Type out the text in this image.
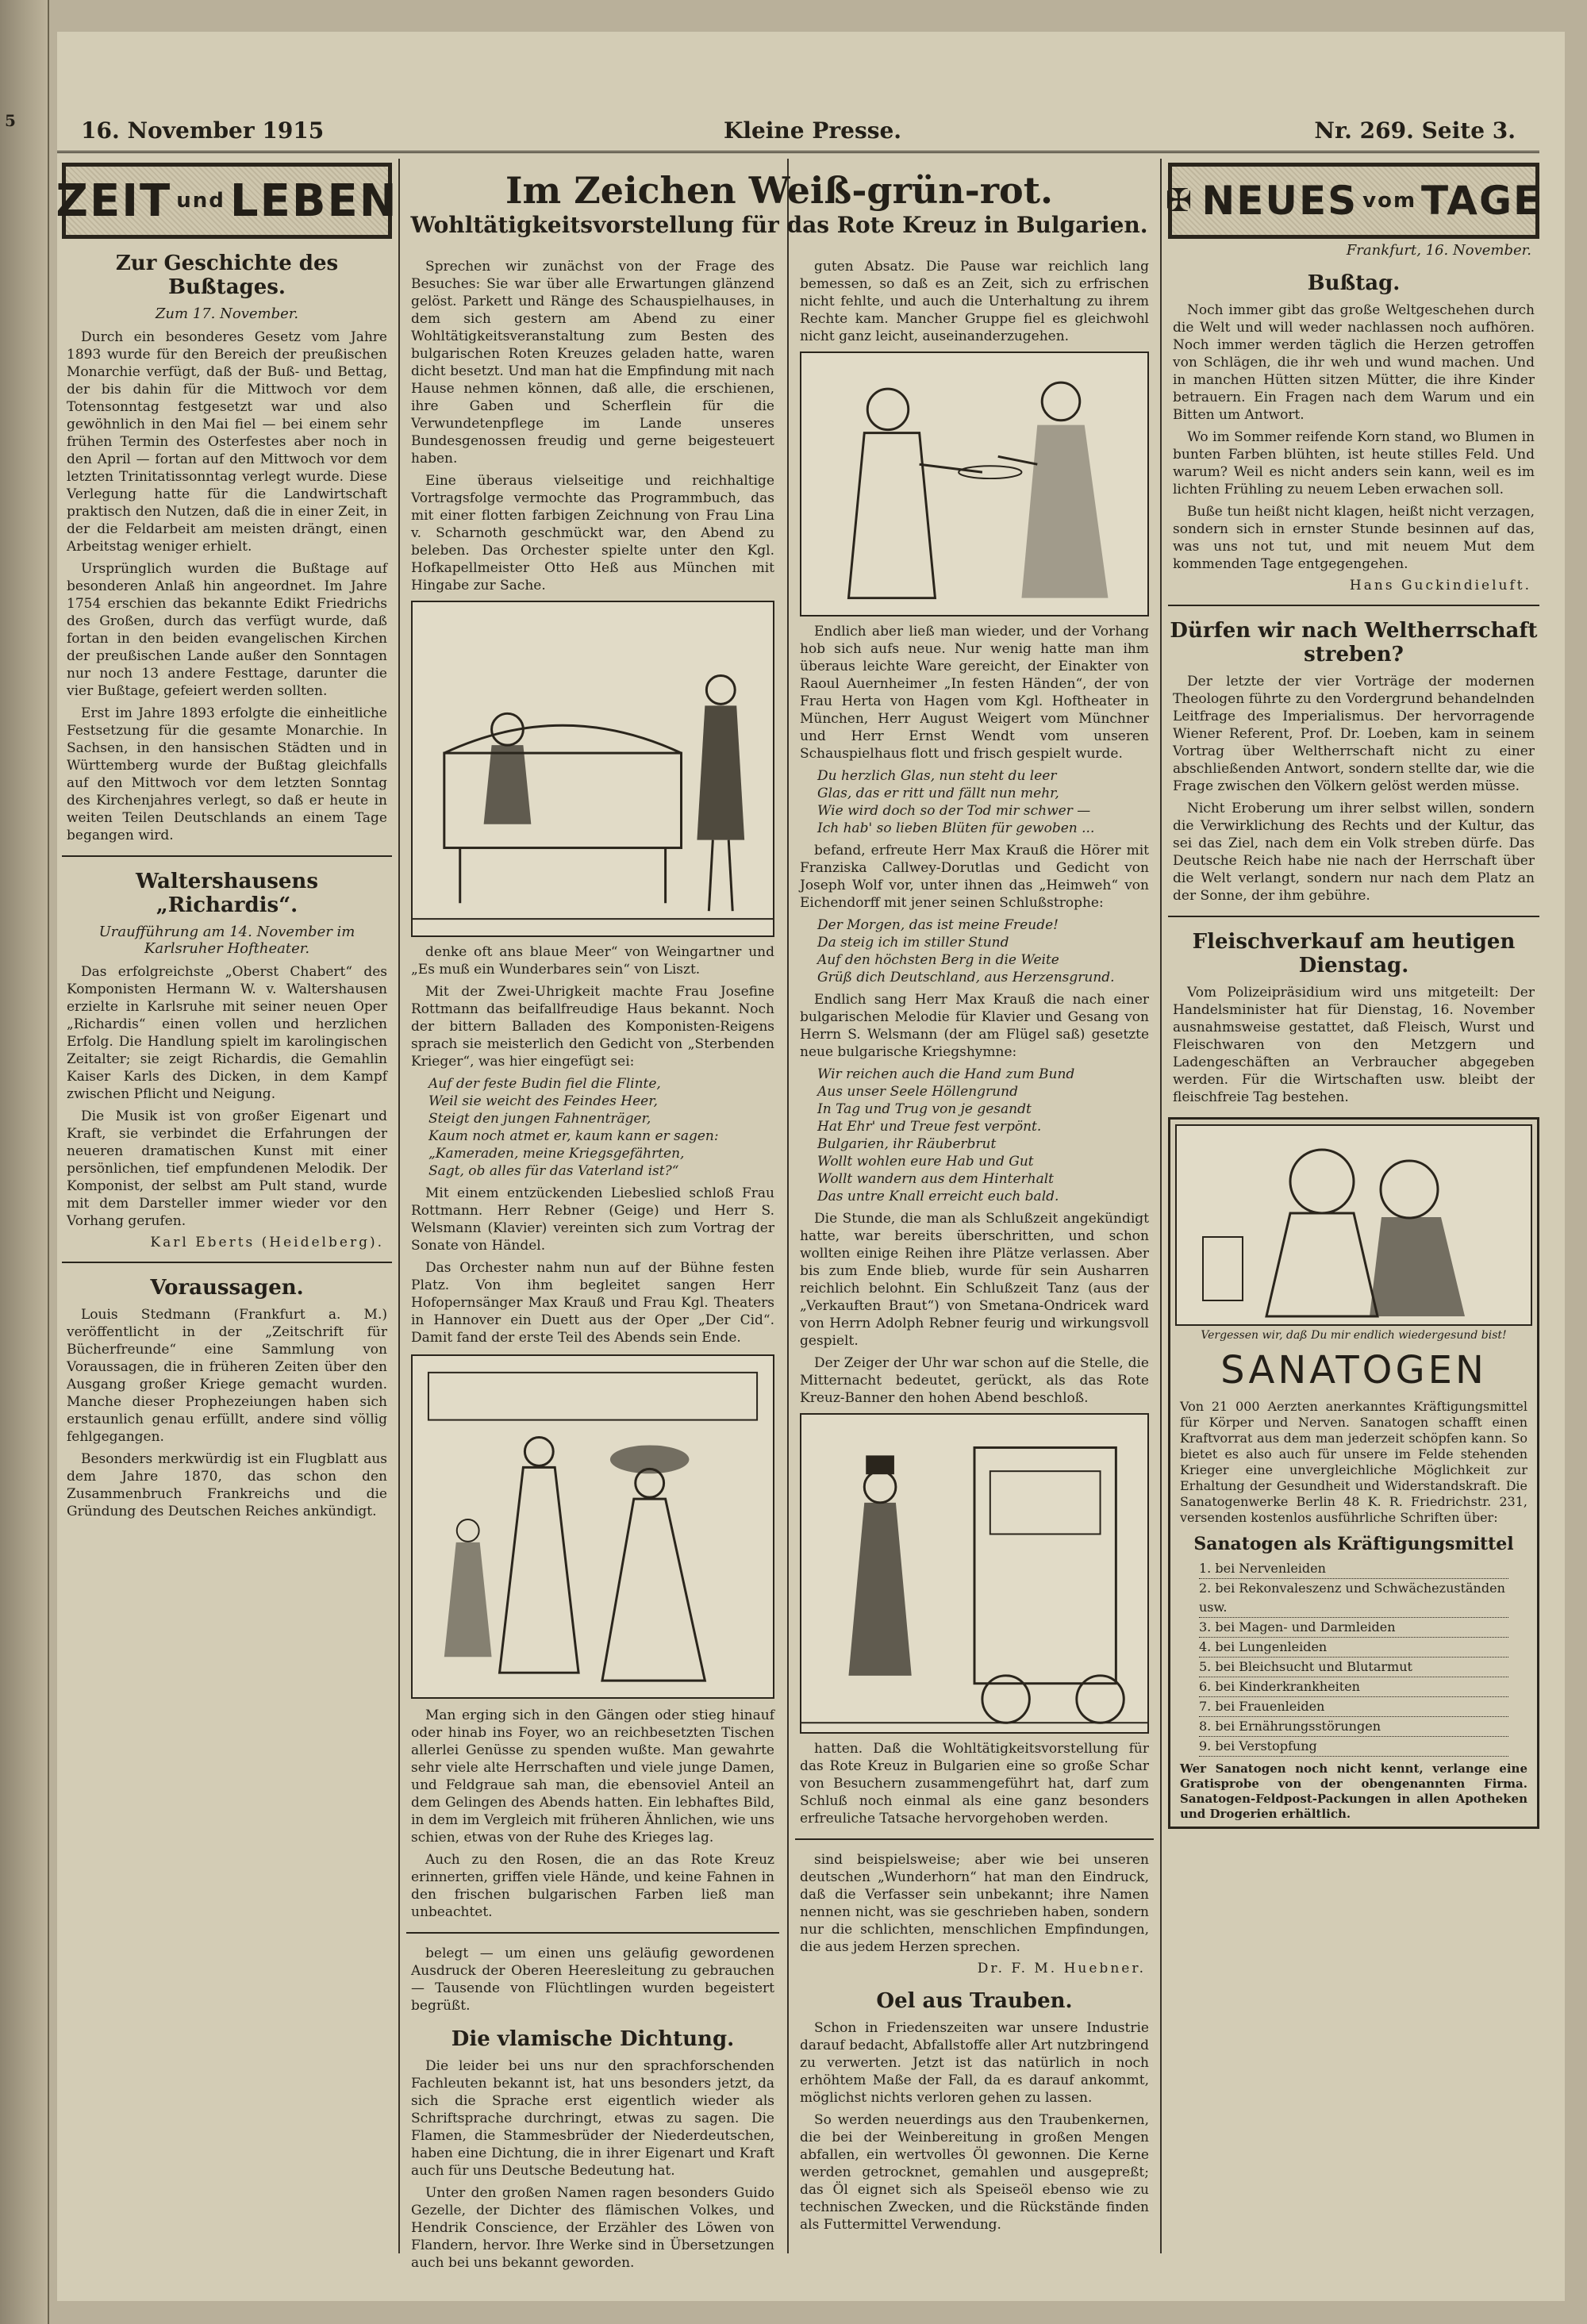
5	16. November 1915	Kleine Presse.	Nr. 269. Seite 3.
ZEIT und LEBEN
Zur Geschichte des Bußtages.
Zum 17. November.

Durch ein besonderes Gesetz vom Jahre 1893 wurde für den Bereich der preußischen Monarchie verfügt, daß der Buß- und Bettag, der bis dahin für die Mittwoch vor dem Totensonntag festgesetzt war und also gewöhnlich in den Mai fiel — bei einem sehr frühen Termin des Osterfestes aber noch in den April — fortan auf den Mittwoch vor dem letzten Trinitatissonntag verlegt wurde. Diese Verlegung hatte für die Landwirtschaft praktisch den Nutzen, daß die in einer Zeit, in der die Feldarbeit am meisten drängt, einen Arbeitstag weniger erhielt.

Ursprünglich wurden die Bußtage auf besonderen Anlaß hin angeordnet. Im Jahre 1754 erschien das bekannte Edikt Friedrichs des Großen, durch das verfügt wurde, daß fortan in den beiden evangelischen Kirchen der preußischen Lande außer den Sonntagen nur noch 13 andere Festtage, darunter die vier Bußtage, gefeiert werden sollten.

Erst im Jahre 1893 erfolgte die einheitliche Festsetzung für die gesamte Monarchie. In Sachsen, in den hansischen Städten und in Württemberg wurde der Bußtag gleichfalls auf den Mittwoch vor dem letzten Sonntag des Kirchenjahres verlegt, so daß er heute in weiten Teilen Deutschlands an einem Tage begangen wird.

Waltershausens „Richardis“.
Uraufführung am 14. November im Karlsruher Hoftheater.

Das erfolgreichste „Oberst Chabert“ des Komponisten Hermann W. v. Waltershausen erzielte in Karlsruhe mit seiner neuen Oper „Richardis“ einen vollen und herzlichen Erfolg. Die Handlung spielt im karolingischen Zeitalter; sie zeigt Richardis, die Gemahlin Kaiser Karls des Dicken, in dem Kampf zwischen Pflicht und Neigung.

Die Musik ist von großer Eigenart und Kraft, sie verbindet die Erfahrungen der neueren dramatischen Kunst mit einer persönlichen, tief empfundenen Melodik. Der Komponist, der selbst am Pult stand, wurde mit dem Darsteller immer wieder vor den Vorhang gerufen.

Karl Eberts (Heidelberg).
Voraussagen.

Louis Stedmann (Frankfurt a. M.) veröffentlicht in der „Zeitschrift für Bücherfreunde“ eine Sammlung von Voraussagen, die in früheren Zeiten über den Ausgang großer Kriege gemacht wurden. Manche dieser Prophezeiungen haben sich erstaunlich genau erfüllt, andere sind völlig fehlgegangen.

Besonders merkwürdig ist ein Flugblatt aus dem Jahre 1870, das schon den Zusammenbruch Frankreichs und die Gründung des Deutschen Reiches ankündigt.

Im Zeichen Weiß-grün-rot.
Wohltätigkeitsvorstellung für das Rote Kreuz in Bulgarien.

Sprechen wir zunächst von der Frage des Besuches: Sie war über alle Erwartungen glänzend gelöst. Parkett und Ränge des Schauspielhauses, in dem sich gestern am Abend zu einer Wohltätigkeitsveranstaltung zum Besten des bulgarischen Roten Kreuzes geladen hatte, waren dicht besetzt. Und man hat die Empfindung mit nach Hause nehmen können, daß alle, die erschienen, ihre Gaben und Scherflein für die Verwundetenpflege im Lande unseres Bundesgenossen freudig und gerne beigesteuert haben.

Eine überaus vielseitige und reichhaltige Vortragsfolge vermochte das Programmbuch, das mit einer flotten farbigen Zeichnung von Frau Lina v. Scharnoth geschmückt war, den Abend zu beleben. Das Orchester spielte unter den Kgl. Hofkapellmeister Otto Heß aus München mit Hingabe zur Sache.

denke oft ans blaue Meer“ von Weingartner und „Es muß ein Wunderbares sein“ von Liszt.

Mit der Zwei-Uhrigkeit machte Frau Josefine Rottmann das beifallfreudige Haus bekannt. Noch der bittern Balladen des Komponisten-Reigens sprach sie meisterlich den Gedicht von „Sterbenden Krieger“, was hier eingefügt sei:

Auf der feste Budin fiel die Flinte,
Weil sie weicht des Feindes Heer,
Steigt den jungen Fahnenträger,
Kaum noch atmet er, kaum kann er sagen:
„Kameraden, meine Kriegsgefährten,
Sagt, ob alles für das Vaterland ist?“

Mit einem entzückenden Liebeslied schloß Frau Rottmann. Herr Rebner (Geige) und Herr S. Welsmann (Klavier) vereinten sich zum Vortrag der Sonate von Händel.

Das Orchester nahm nun auf der Bühne festen Platz. Von ihm begleitet sangen Herr Hofopernsänger Max Krauß und Frau Kgl. Theaters in Hannover ein Duett aus der Oper „Der Cid“. Damit fand der erste Teil des Abends sein Ende.

Man erging sich in den Gängen oder stieg hinauf oder hinab ins Foyer, wo an reichbesetzten Tischen allerlei Genüsse zu spenden wußte. Man gewahrte sehr viele alte Herrschaften und viele junge Damen, und Feldgraue sah man, die ebensoviel Anteil an dem Gelingen des Abends hatten. Ein lebhaftes Bild, in dem im Vergleich mit früheren Ähnlichen, wie uns schien, etwas von der Ruhe des Krieges lag.

Auch zu den Rosen, die an das Rote Kreuz erinnerten, griffen viele Hände, und keine Fahnen in den frischen bulgarischen Farben ließ man unbeachtet.

belegt — um einen uns geläufig gewordenen Ausdruck der Oberen Heeresleitung zu gebrauchen — Tausende von Flüchtlingen wurden begeistert begrüßt.

Die vlamische Dichtung.

Die leider bei uns nur den sprachforschenden Fachleuten bekannt ist, hat uns besonders jetzt, da sich die Sprache erst eigentlich wieder als Schriftsprache durchringt, etwas zu sagen. Die Flamen, die Stammesbrüder der Niederdeutschen, haben eine Dichtung, die in ihrer Eigenart und Kraft auch für uns Deutsche Bedeutung hat.

Unter den großen Namen ragen besonders Guido Gezelle, der Dichter des flämischen Volkes, und Hendrik Conscience, der Erzähler des Löwen von Flandern, hervor. Ihre Werke sind in Übersetzungen auch bei uns bekannt geworden.

guten Absatz. Die Pause war reichlich lang bemessen, so daß es an Zeit, sich zu erfrischen nicht fehlte, und auch die Unterhaltung zu ihrem Rechte kam. Mancher Gruppe fiel es gleichwohl nicht ganz leicht, auseinanderzugehen.

Endlich aber ließ man wieder, und der Vorhang hob sich aufs neue. Nur wenig hatte man ihm überaus leichte Ware gereicht, der Einakter von Raoul Auernheimer „In festen Händen“, der von Frau Herta von Hagen vom Kgl. Hoftheater in München, Herr August Weigert vom Münchner und Herr Ernst Wendt vom unseren Schauspielhaus flott und frisch gespielt wurde.

Du herzlich Glas, nun steht du leer
Glas, das er ritt und fällt nun mehr,
Wie wird doch so der Tod mir schwer —
Ich hab' so lieben Blüten für gewoben ...

befand, erfreute Herr Max Krauß die Hörer mit Franziska Callwey-Dorutlas und Gedicht von Joseph Wolf vor, unter ihnen das „Heimweh“ von Eichendorff mit jener seinen Schlußstrophe:

Der Morgen, das ist meine Freude!
Da steig ich im stiller Stund
Auf den höchsten Berg in die Weite
Grüß dich Deutschland, aus Herzensgrund.

Endlich sang Herr Max Krauß die nach einer bulgarischen Melodie für Klavier und Gesang von Herrn S. Welsmann (der am Flügel saß) gesetzte neue bulgarische Kriegshymne:

Wir reichen auch die Hand zum Bund
Aus unser Seele Höllengrund
In Tag und Trug von je gesandt
Hat Ehr' und Treue fest verpönt.
Bulgarien, ihr Räuberbrut
Wollt wohlen eure Hab und Gut
Wollt wandern aus dem Hinterhalt
Das untre Knall erreicht euch bald.

Die Stunde, die man als Schlußzeit angekündigt hatte, war bereits überschritten, und schon wollten einige Reihen ihre Plätze verlassen. Aber bis zum Ende blieb, wurde für sein Ausharren reichlich belohnt. Ein Schlußzeit Tanz (aus der „Verkauften Braut“) von Smetana-Ondricek ward von Herrn Adolph Rebner feurig und wirkungsvoll gespielt.

Der Zeiger der Uhr war schon auf die Stelle, die Mitternacht bedeutet, gerückt, als das Rote Kreuz-Banner den hohen Abend beschloß.

hatten. Daß die Wohltätigkeitsvorstellung für das Rote Kreuz in Bulgarien eine so große Schar von Besuchern zusammengeführt hat, darf zum Schluß noch einmal als eine ganz besonders erfreuliche Tatsache hervorgehoben werden.

sind beispielsweise; aber wie bei unseren deutschen „Wunderhorn“ hat man den Eindruck, daß die Verfasser sein unbekannt; ihre Namen nennen nicht, was sie geschrieben haben, sondern nur die schlichten, menschlichen Empfindungen, die aus jedem Herzen sprechen.

Dr. F. M. Huebner.
Oel aus Trauben.

Schon in Friedenszeiten war unsere Industrie darauf bedacht, Abfallstoffe aller Art nutzbringend zu verwerten. Jetzt ist das natürlich in noch erhöhtem Maße der Fall, da es darauf ankommt, möglichst nichts verloren gehen zu lassen.

So werden neuerdings aus den Traubenkernen, die bei der Weinbereitung in großen Mengen abfallen, ein wertvolles Öl gewonnen. Die Kerne werden getrocknet, gemahlen und ausgepreßt; das Öl eignet sich als Speiseöl ebenso wie zu technischen Zwecken, und die Rückstände finden als Futtermittel Verwendung.

✠ NEUES vom TAGE
Frankfurt, 16. November.
Bußtag.

Noch immer gibt das große Weltgeschehen durch die Welt und will weder nachlassen noch aufhören. Noch immer werden täglich die Herzen getroffen von Schlägen, die ihr weh und wund machen. Und in manchen Hütten sitzen Mütter, die ihre Kinder betrauern. Ein Fragen nach dem Warum und ein Bitten um Antwort.

Wo im Sommer reifende Korn stand, wo Blumen in bunten Farben blühten, ist heute stilles Feld. Und warum? Weil es nicht anders sein kann, weil es im lichten Frühling zu neuem Leben erwachen soll.

Buße tun heißt nicht klagen, heißt nicht verzagen, sondern sich in ernster Stunde besinnen auf das, was uns not tut, und mit neuem Mut dem kommenden Tage entgegengehen.

Hans Guckindieluft.
Dürfen wir nach Weltherrschaft streben?

Der letzte der vier Vorträge der modernen Theologen führte zu den Vordergrund behandelnden Leitfrage des Imperialismus. Der hervorragende Wiener Referent, Prof. Dr. Loeben, kam in seinem Vortrag über Weltherrschaft nicht zu einer abschließenden Antwort, sondern stellte dar, wie die Frage zwischen den Völkern gelöst werden müsse.

Nicht Eroberung um ihrer selbst willen, sondern die Verwirklichung des Rechts und der Kultur, das sei das Ziel, nach dem ein Volk streben dürfe. Das Deutsche Reich habe nie nach der Herrschaft über die Welt verlangt, sondern nur nach dem Platz an der Sonne, der ihm gebühre.

Fleischverkauf am heutigen Dienstag.

Vom Polizeipräsidium wird uns mitgeteilt: Der Handelsminister hat für Dienstag, 16. November ausnahmsweise gestattet, daß Fleisch, Wurst und Fleischwaren von den Metzgern und Ladengeschäften an Verbraucher abgegeben werden. Für die Wirtschaften usw. bleibt der fleischfreie Tag bestehen.

Vergessen wir, daß Du mir endlich wiedergesund bist!
SANATOGEN
Von 21 000 Aerzten anerkanntes Kräftigungsmittel für Körper und Nerven. Sanatogen schafft einen Kraftvorrat aus dem man jederzeit schöpfen kann. So bietet es also auch für unsere im Felde stehenden Krieger eine unvergleichliche Möglichkeit zur Erhaltung der Gesundheit und Widerstandskraft. Die Sanatogenwerke Berlin 48 K. R. Friedrichstr. 231, versenden kostenlos ausführliche Schriften über:
Sanatogen als Kräftigungsmittel
1. bei Nervenleiden
2. bei Rekonvaleszenz und Schwächezuständen usw.
3. bei Magen- und Darmleiden
4. bei Lungenleiden
5. bei Bleichsucht und Blutarmut
6. bei Kinderkrankheiten
7. bei Frauenleiden
8. bei Ernährungsstörungen
9. bei Verstopfung
Wer Sanatogen noch nicht kennt, verlange eine Gratisprobe von der obengenannten Firma. Sanatogen-Feldpost-Packungen in allen Apotheken und Drogerien erhältlich.
